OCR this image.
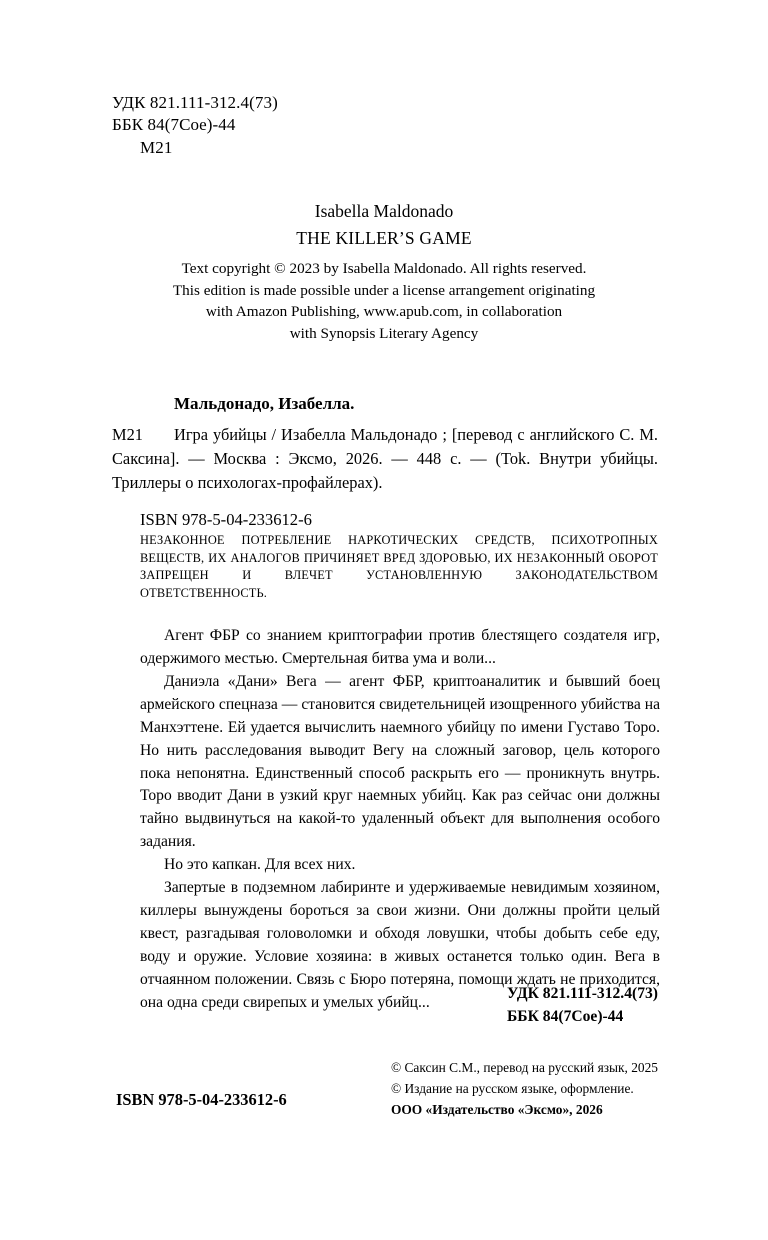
УДК 821.111-312.4(73)
ББК 84(7Coe)-44
М21
Isabella Maldonado
THE KILLER’S GAME
Text copyright © 2023 by Isabella Maldonado. All rights reserved.
This edition is made possible under a license arrangement originating
with Amazon Publishing, www.apub.com, in collaboration
with Synopsis Literary Agency
Мальдонадо, Изабелла.
М21	Игра убийцы / Изабелла Мальдонадо ; [перевод с английского С. М. Саксина]. — Москва : Эксмо, 2026. — 448 с. — (Tok. Внутри убийцы. Триллеры о психологах-профайлерах).
ISBN 978-5-04-233612-6
НЕЗАКОННОЕ ПОТРЕБЛЕНИЕ НАРКОТИЧЕСКИХ СРЕДСТВ, ПСИХОТРОПНЫХ ВЕЩЕСТВ, ИХ АНАЛОГОВ ПРИЧИНЯЕТ ВРЕД ЗДОРОВЬЮ, ИХ НЕЗАКОННЫЙ ОБОРОТ ЗАПРЕЩЕН И ВЛЕЧЕТ УСТАНОВЛЕННУЮ ЗАКОНОДАТЕЛЬСТВОМ ОТВЕТСТВЕННОСТЬ.

Агент ФБР со знанием криптографии против блестящего создателя игр, одержимого местью. Смертельная битва ума и воли...

Даниэла «Дани» Вега — агент ФБР, криптоаналитик и бывший боец армейского спецназа — становится свидетельницей изощренного убийства на Манхэттене. Ей удается вычислить наемного убийцу по имени Густаво Торо. Но нить расследования выводит Вегу на сложный заговор, цель которого пока непонятна. Единственный способ раскрыть его — проникнуть внутрь. Торо вводит Дани в узкий круг наемных убийц. Как раз сейчас они должны тайно выдвинуться на какой-то удаленный объект для выполнения особого задания.

Но это капкан. Для всех них.

Запертые в подземном лабиринте и удерживаемые невидимым хозяином, киллеры вынуждены бороться за свои жизни. Они должны пройти целый квест, разгадывая головоломки и обходя ловушки, чтобы добыть себе еду, воду и оружие. Условие хозяина: в живых останется только один. Вега в отчаянном положении. Связь с Бюро потеряна, помощи ждать не приходится, она одна среди свирепых и умелых убийц...

УДК 821.111-312.4(73)
ББК 84(7Coe)-44
© Саксин С.М., перевод на русский язык, 2025
© Издание на русском языке, оформление.
ООО «Издательство «Эксмо», 2026
ISBN 978-5-04-233612-6
